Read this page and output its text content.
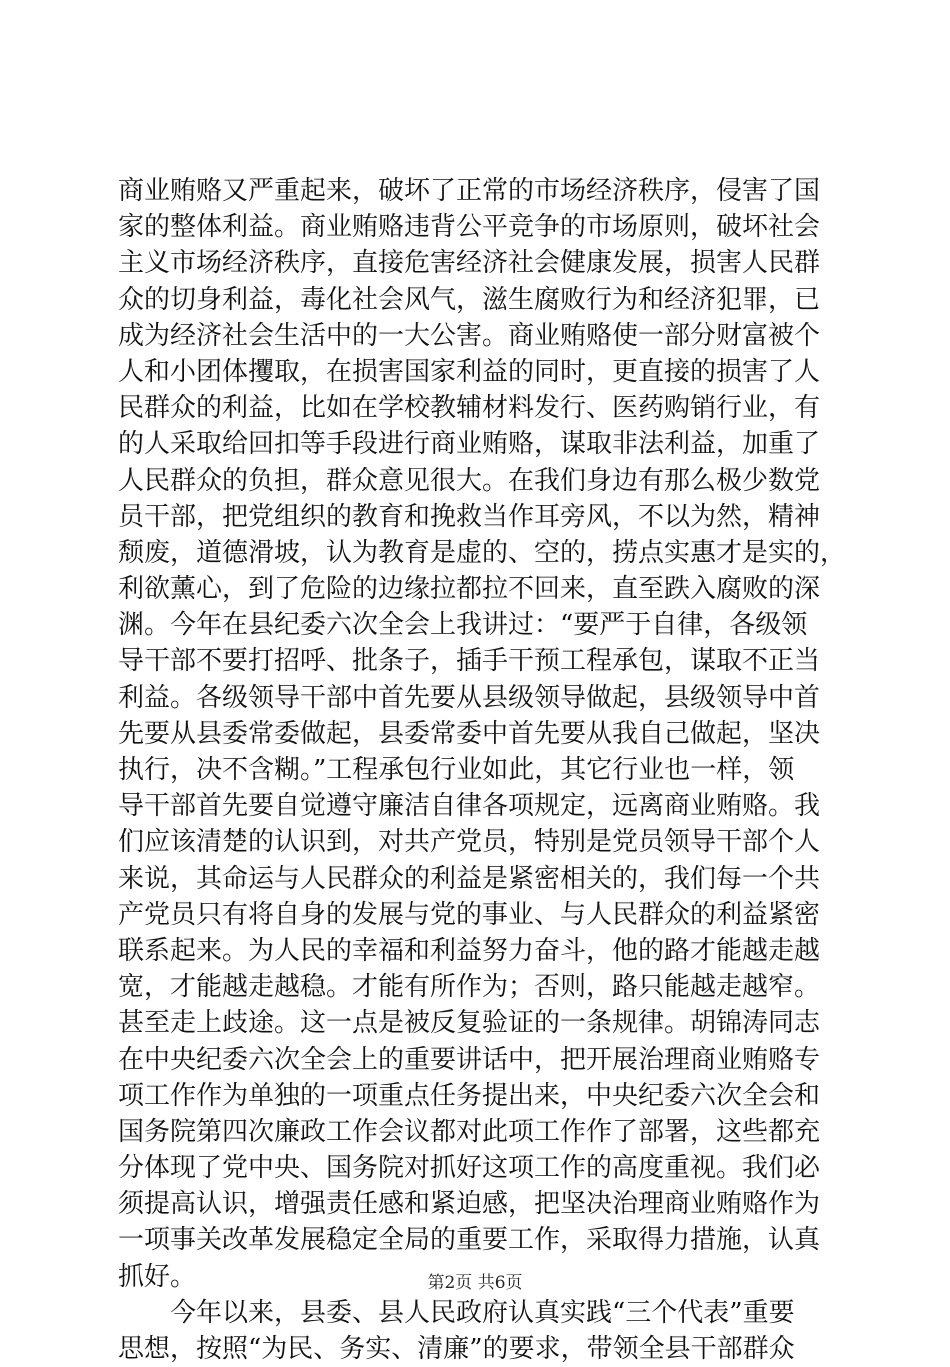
商业贿赂又严重起来，破坏了正常的市场经济秩序，侵害了国
家的整体利益。商业贿赂违背公平竞争的市场原则，破坏社会
主义市场经济秩序，直接危害经济社会健康发展，损害人民群
众的切身利益，毒化社会风气，滋生腐败行为和经济犯罪，已
成为经济社会生活中的一大公害。商业贿赂使一部分财富被个
人和小团体攫取，在损害国家利益的同时，更直接的损害了人
民群众的利益，比如在学校教辅材料发行、医药购销行业，有
的人采取给回扣等手段进行商业贿赂，谋取非法利益，加重了
人民群众的负担，群众意见很大。在我们身边有那么极少数党
员干部，把党组织的教育和挽救当作耳旁风，不以为然，精神
颓废，道德滑坡，认为教育是虚的、空的，捞点实惠才是实的，
利欲薰心，到了危险的边缘拉都拉不回来，直至跌入腐败的深
渊。今年在县纪委六次全会上我讲过：“要严于自律，各级领
导干部不要打招呼、批条子，插手干预工程承包，谋取不正当
利益。各级领导干部中首先要从县级领导做起，县级领导中首
先要从县委常委做起，县委常委中首先要从我自己做起，坚决
执行，决不含糊。”工程承包行业如此，其它行业也一样，领
导干部首先要自觉遵守廉洁自律各项规定，远离商业贿赂。我
们应该清楚的认识到，对共产党员，特别是党员领导干部个人
来说，其命运与人民群众的利益是紧密相关的，我们每一个共
产党员只有将自身的发展与党的事业、与人民群众的利益紧密
联系起来。为人民的幸福和利益努力奋斗，他的路才能越走越
宽，才能越走越稳。才能有所作为；否则，路只能越走越窄。
甚至走上歧途。这一点是被反复验证的一条规律。胡锦涛同志
在中央纪委六次全会上的重要讲话中，把开展治理商业贿赂专
项工作作为单独的一项重点任务提出来，中央纪委六次全会和
国务院第四次廉政工作会议都对此项工作作了部署，这些都充
分体现了党中央、国务院对抓好这项工作的高度重视。我们必
须提高认识，增强责任感和紧迫感，把坚决治理商业贿赂作为
一项事关改革发展稳定全局的重要工作，采取得力措施，认真
抓好。
今年以来，县委、县人民政府认真实践“三个代表”重要
思想，按照“为民、务实、清廉”的要求，带领全县干部群众
第2页 共6页
